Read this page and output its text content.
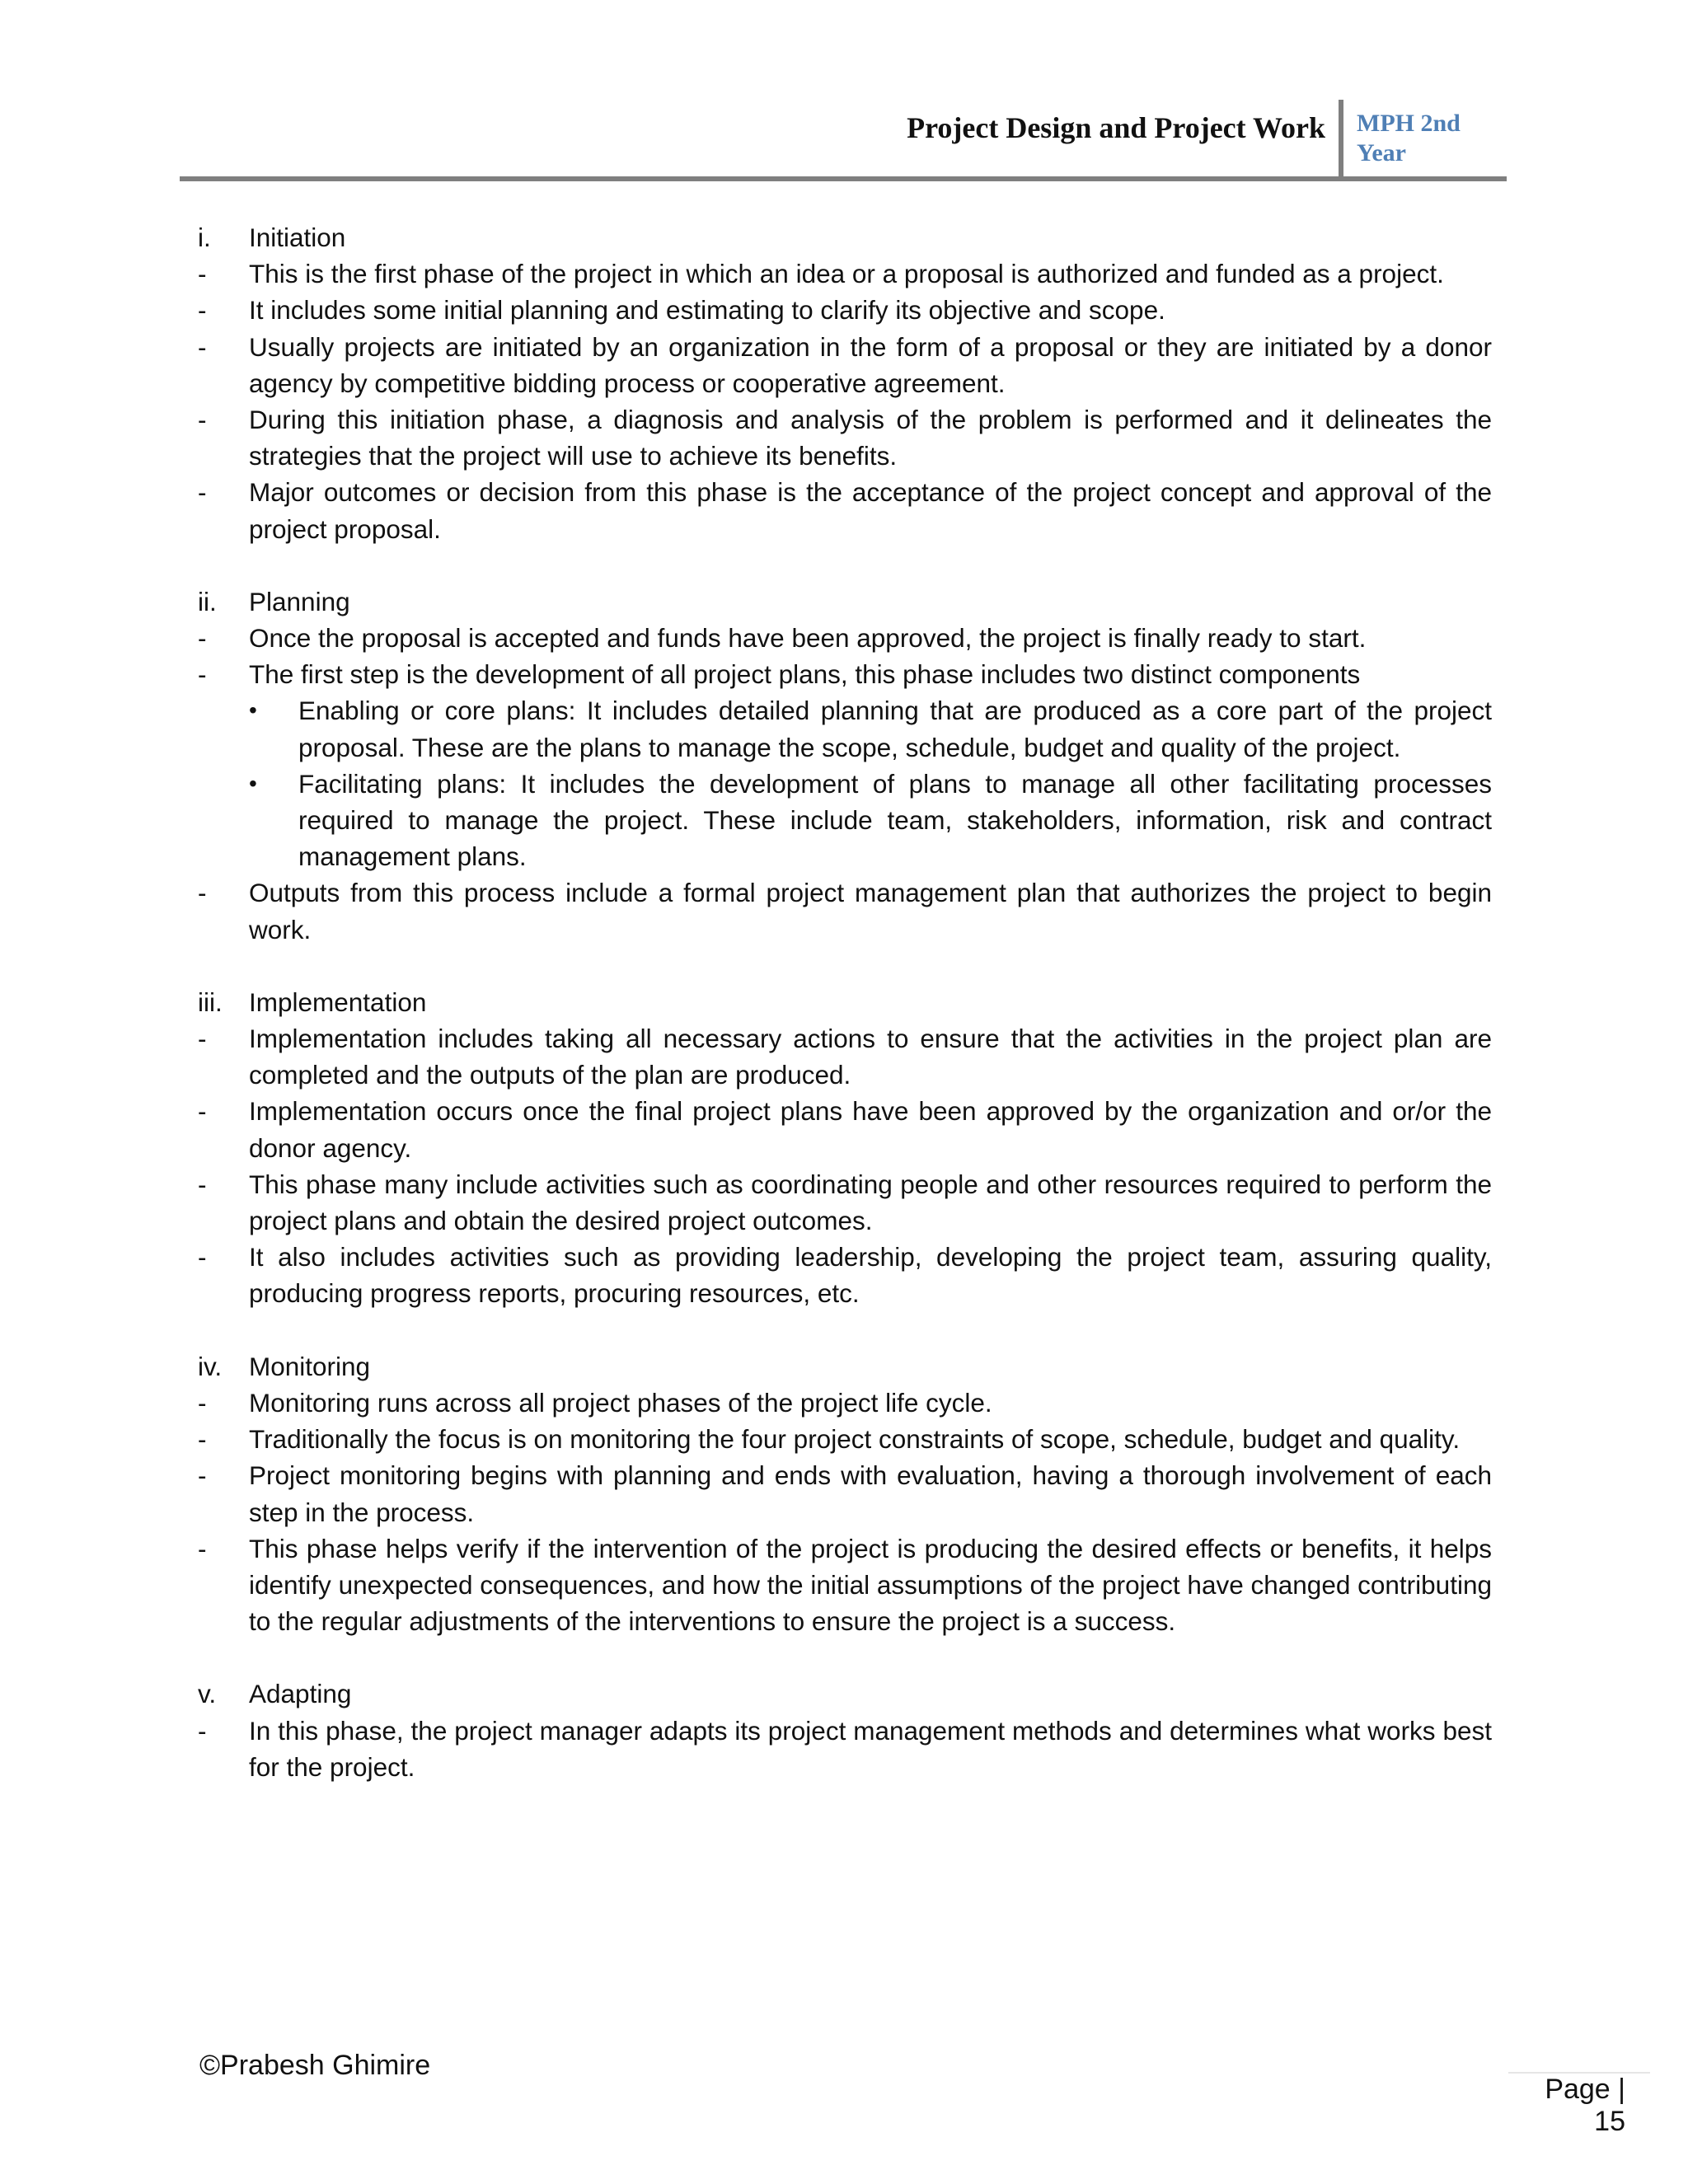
Project Design and Project Work MPH 2nd Year
i. Initiation
- This is the first phase of the project in which an idea or a proposal is authorized and funded as a project.
- It includes some initial planning and estimating to clarify its objective and scope.
- Usually projects are initiated by an organization in the form of a proposal or they are initiated by a donor agency by competitive bidding process or cooperative agreement.
- During this initiation phase, a diagnosis and analysis of the problem is performed and it delineates the strategies that the project will use to achieve its benefits.
- Major outcomes or decision from this phase is the acceptance of the project concept and approval of the project proposal.
ii. Planning
- Once the proposal is accepted and funds have been approved, the project is finally ready to start.
- The first step is the development of all project plans, this phase includes two distinct components
• Enabling or core plans: It includes detailed planning that are produced as a core part of the project proposal. These are the plans to manage the scope, schedule, budget and quality of the project.
• Facilitating plans: It includes the development of plans to manage all other facilitating processes required to manage the project. These include team, stakeholders, information, risk and contract management plans.
- Outputs from this process include a formal project management plan that authorizes the project to begin work.
iii. Implementation
- Implementation includes taking all necessary actions to ensure that the activities in the project plan are completed and the outputs of the plan are produced.
- Implementation occurs once the final project plans have been approved by the organization and or/or the donor agency.
- This phase many include activities such as coordinating people and other resources required to perform the project plans and obtain the desired project outcomes.
- It also includes activities such as providing leadership, developing the project team, assuring quality, producing progress reports, procuring resources, etc.
iv. Monitoring
- Monitoring runs across all project phases of the project life cycle.
- Traditionally the focus is on monitoring the four project constraints of scope, schedule, budget and quality.
- Project monitoring begins with planning and ends with evaluation, having a thorough involvement of each step in the process.
- This phase helps verify if the intervention of the project is producing the desired effects or benefits, it helps identify unexpected consequences, and how the initial assumptions of the project have changed contributing to the regular adjustments of the interventions to ensure the project is a success.
v. Adapting
- In this phase, the project manager adapts its project management methods and determines what works best for the project.
©Prabesh Ghimire
Page | 15
